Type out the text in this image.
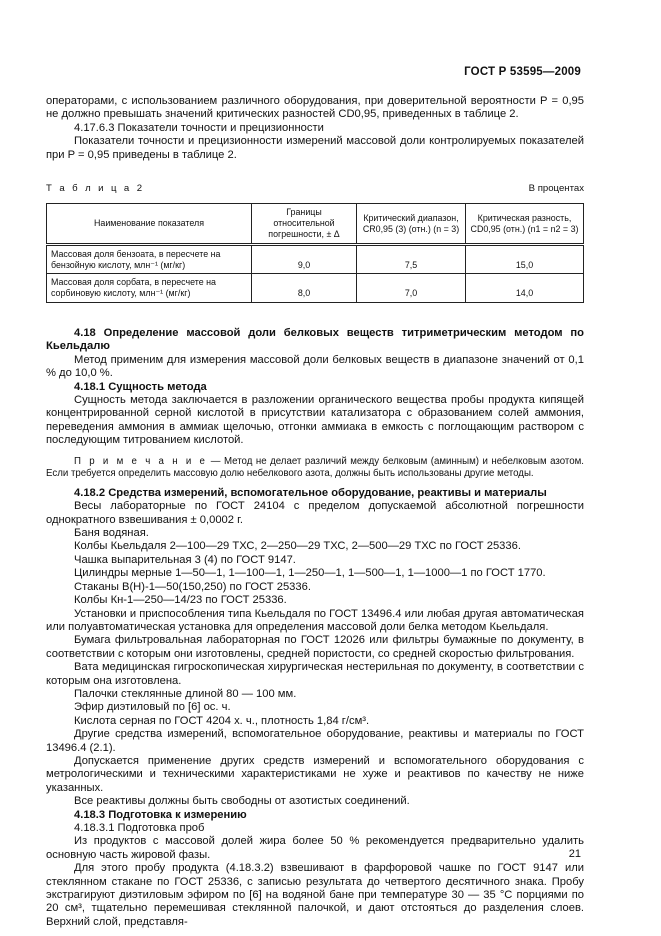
ГОСТ Р 53595—2009

операторами, с использованием различного оборудования, при доверительной вероятности P = 0,95 не должно превышать значений критических разностей CD0,95, приведенных в таблице 2.

4.17.6.3 Показатели точности и прецизионности

Показатели точности и прецизионности измерений массовой доли контролируемых показателей при P = 0,95 приведены в таблице 2.

Т а б л и ц а 2	В процентах
Наименование показателя	Границы относительной погрешности, ± Δ	Критический диапазон, CR0,95 (3) (отн.) (n = 3)	Критическая разность, CD0,95 (отн.) (n1 = n2 = 3)
Массовая доля бензоата, в пересчете на бензойную кислоту, млн⁻¹ (мг/кг)	9,0	7,5	15,0
Массовая доля сорбата, в пересчете на сорбиновую кислоту, млн⁻¹ (мг/кг)	8,0	7,0	14,0

4.18 Определение массовой доли белковых веществ титриметрическим методом по Кьельдалю

Метод применим для измерения массовой доли белковых веществ в диапазоне значений от 0,1 % до 10,0 %.

4.18.1 Сущность метода

Сущность метода заключается в разложении органического вещества пробы продукта кипящей концентрированной серной кислотой в присутствии катализатора с образованием солей аммония, переведения аммония в аммиак щелочью, отгонки аммиака в емкость с поглощающим раствором с последующим титрованием кислотой.

П р и м е ч а н и е — Метод не делает различий между белковым (аминным) и небелковым азотом. Если требуется определить массовую долю небелкового азота, должны быть использованы другие методы.

4.18.2 Средства измерений, вспомогательное оборудование, реактивы и материалы

Весы лабораторные по ГОСТ 24104 с пределом допускаемой абсолютной погрешности однократного взвешивания ± 0,0002 г.

Баня водяная.

Колбы Кьельдаля 2—100—29 ТХС, 2—250—29 ТХС, 2—500—29 ТХС по ГОСТ 25336.

Чашка выпарительная 3 (4) по ГОСТ 9147.

Цилиндры мерные 1—50—1, 1—100—1, 1—250—1, 1—500—1, 1—1000—1 по ГОСТ 1770.

Стаканы В(Н)-1—50(150,250) по ГОСТ 25336.

Колбы Кн-1—250—14/23 по ГОСТ 25336.

Установки и приспособления типа Кьельдаля по ГОСТ 13496.4 или любая другая автоматическая или полуавтоматическая установка для определения массовой доли белка методом Кьельдаля.

Бумага фильтровальная лабораторная по ГОСТ 12026 или фильтры бумажные по документу, в соответствии с которым они изготовлены, средней пористости, со средней скоростью фильтрования.

Вата медицинская гигроскопическая хирургическая нестерильная по документу, в соответствии с которым она изготовлена.

Палочки стеклянные длиной 80 — 100 мм.

Эфир диэтиловый по [6] ос. ч.

Кислота серная по ГОСТ 4204 х. ч., плотность 1,84 г/см³.

Другие средства измерений, вспомогательное оборудование, реактивы и материалы по ГОСТ 13496.4 (2.1).

Допускается применение других средств измерений и вспомогательного оборудования с метрологическими и техническими характеристиками не хуже и реактивов по качеству не ниже указанных.

Все реактивы должны быть свободны от азотистых соединений.

4.18.3 Подготовка к измерению

4.18.3.1 Подготовка проб

Из продуктов с массовой долей жира более 50 % рекомендуется предварительно удалить основную часть жировой фазы.

Для этого пробу продукта (4.18.3.2) взвешивают в фарфоровой чашке по ГОСТ 9147 или стеклянном стакане по ГОСТ 25336, с записью результата до четвертого десятичного знака. Пробу экстрагируют диэтиловым эфиром по [6] на водяной бане при температуре 30 — 35 °С порциями по 20 см³, тщательно перемешивая стеклянной палочкой, и дают отстояться до разделения слоев. Верхний слой, представля-

21
